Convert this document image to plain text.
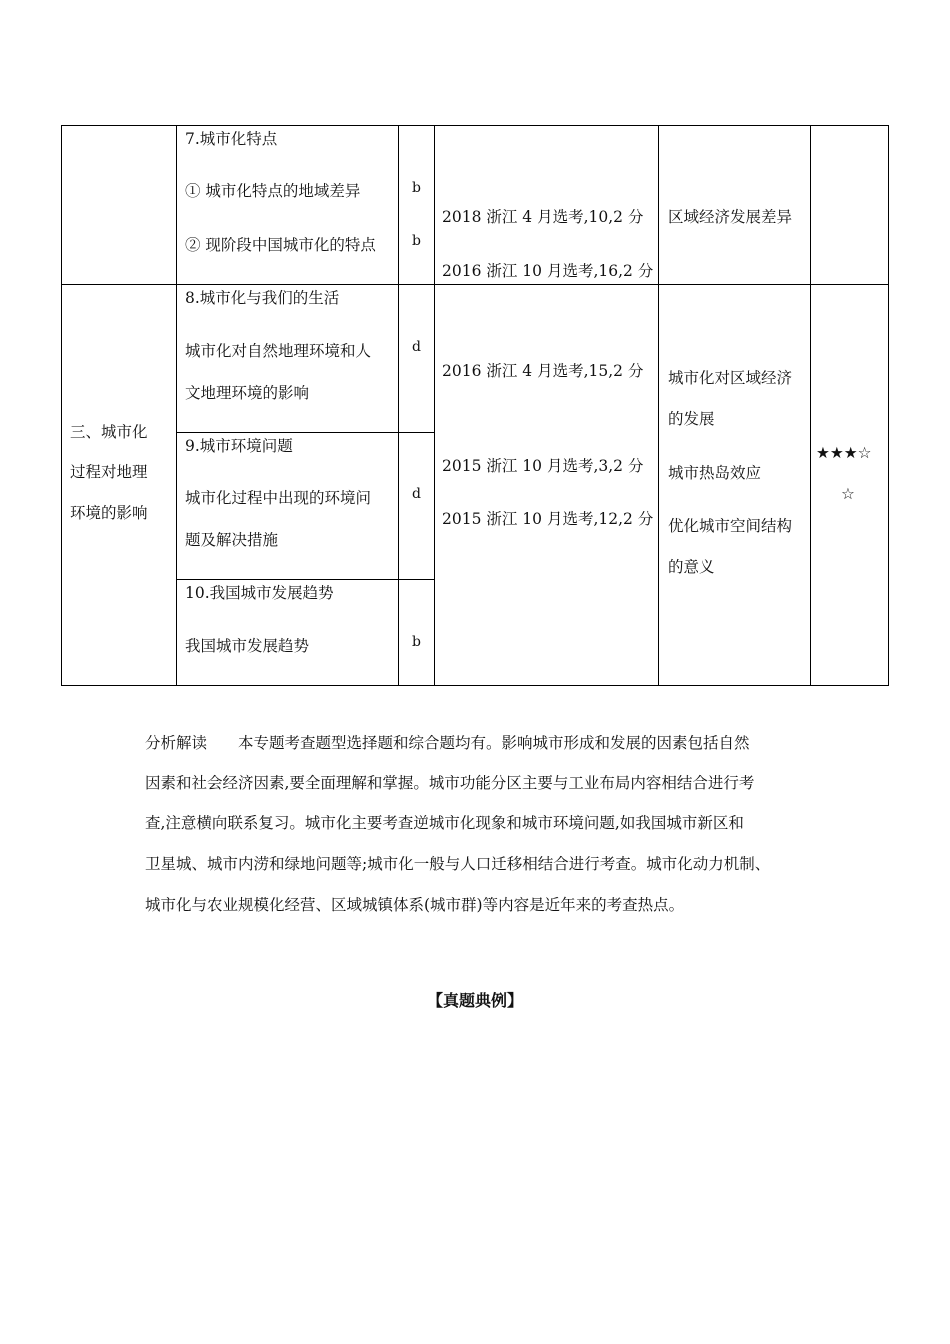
7.城市化特点
① 城市化特点的地域差异
② 现阶段中国城市化的特点
b
b
2018 浙江 4 月选考,10,2 分
2016 浙江 10 月选考,16,2 分
区域经济发展差异
三、城市化
过程对地理
环境的影响
8.城市化与我们的生活
城市化对自然地理环境和人
文地理环境的影响
d
9.城市环境问题
城市化过程中出现的环境问
题及解决措施
d
10.我国城市发展趋势
我国城市发展趋势	b
2016 浙江 4 月选考,15,2 分
2015 浙江 10 月选考,3,2 分
2015 浙江 10 月选考,12,2 分
城市化对区域经济
的发展
城市热岛效应
优化城市空间结构
的意义
★★★☆
☆
分析解读　　本专题考查题型选择题和综合题均有。影响城市形成和发展的因素包括自然
因素和社会经济因素,要全面理解和掌握。城市功能分区主要与工业布局内容相结合进行考
查,注意横向联系复习。城市化主要考查逆城市化现象和城市环境问题,如我国城市新区和
卫星城、城市内涝和绿地问题等;城市化一般与人口迁移相结合进行考查。城市化动力机制、
城市化与农业规模化经营、区域城镇体系(城市群)等内容是近年来的考查热点。
【真题典例】
